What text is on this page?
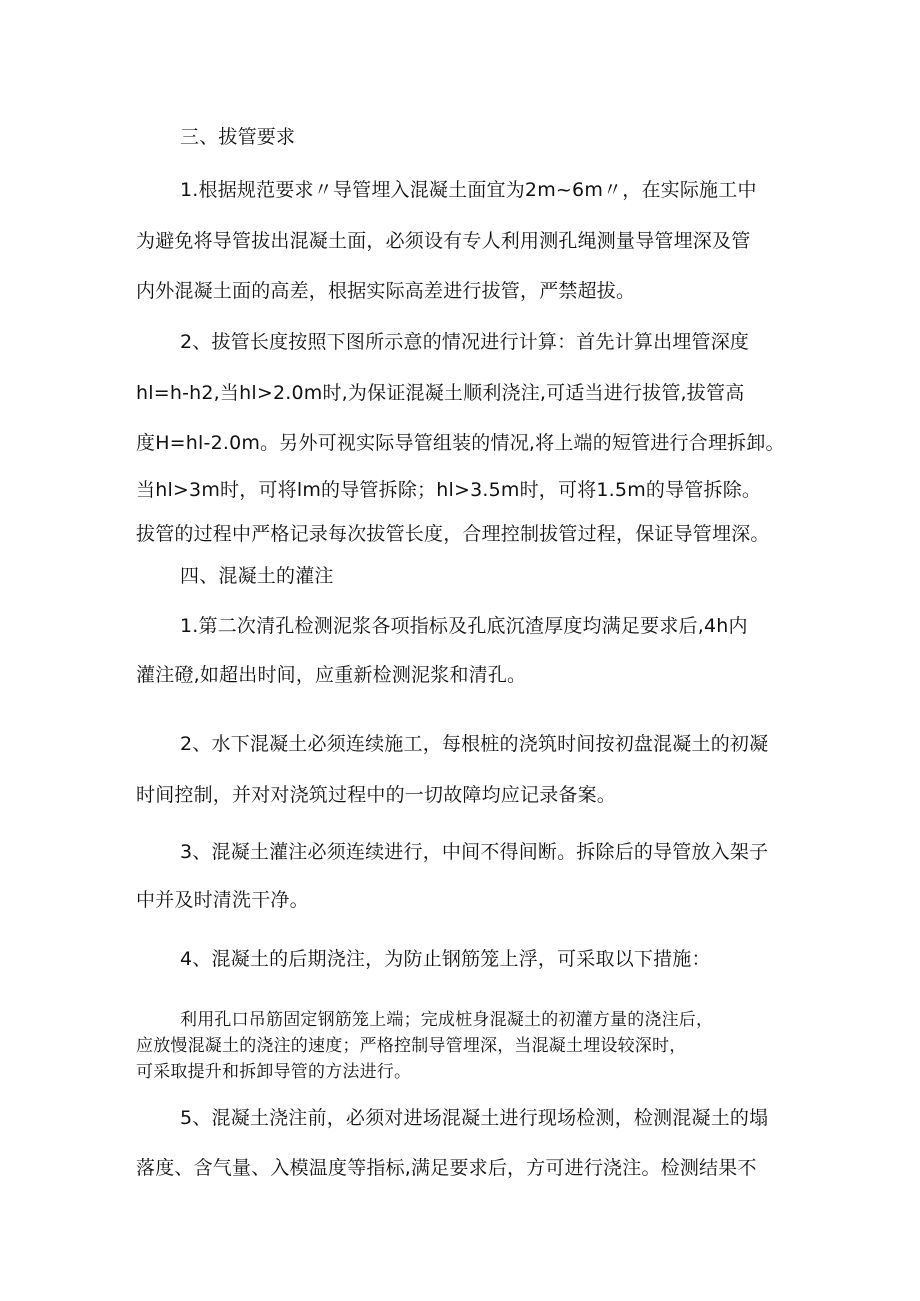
三、拔管要求
1.根据规范要求〃导管埋入混凝土面宜为2m~6m〃，在实际施工中
为避免将导管拔出混凝土面，必须设有专人利用测孔绳测量导管埋深及管
内外混凝土面的高差，根据实际高差进行拔管，严禁超拔。
2、拔管长度按照下图所示意的情况进行计算：首先计算出埋管深度
hl=h-h2,当hl>2.0m时,为保证混凝土顺利浇注,可适当进行拔管,拔管高
度H=hl-2.0m。另外可视实际导管组装的情况,将上端的短管进行合理拆卸。
当hl>3m时，可将lm的导管拆除；hl>3.5m时，可将1.5m的导管拆除。
拔管的过程中严格记录每次拔管长度，合理控制拔管过程，保证导管埋深。
四、混凝土的灌注
1.第二次清孔检测泥浆各项指标及孔底沉渣厚度均满足要求后,4h内
灌注磴,如超出时间，应重新检测泥浆和清孔。
2、水下混凝土必须连续施工，每根桩的浇筑时间按初盘混凝土的初凝
时间控制，并对对浇筑过程中的一切故障均应记录备案。
3、混凝土灌注必须连续进行，中间不得间断。拆除后的导管放入架子
中并及时清洗干净。
4、混凝土的后期浇注，为防止钢筋笼上浮，可采取以下措施：
利用孔口吊筋固定钢筋笼上端；完成桩身混凝土的初灌方量的浇注后，
应放慢混凝土的浇注的速度；严格控制导管埋深，当混凝土埋设较深时，
可采取提升和拆卸导管的方法进行。
5、混凝土浇注前，必须对进场混凝土进行现场检测，检测混凝土的塌
落度、含气量、入模温度等指标,满足要求后，方可进行浇注。检测结果不
